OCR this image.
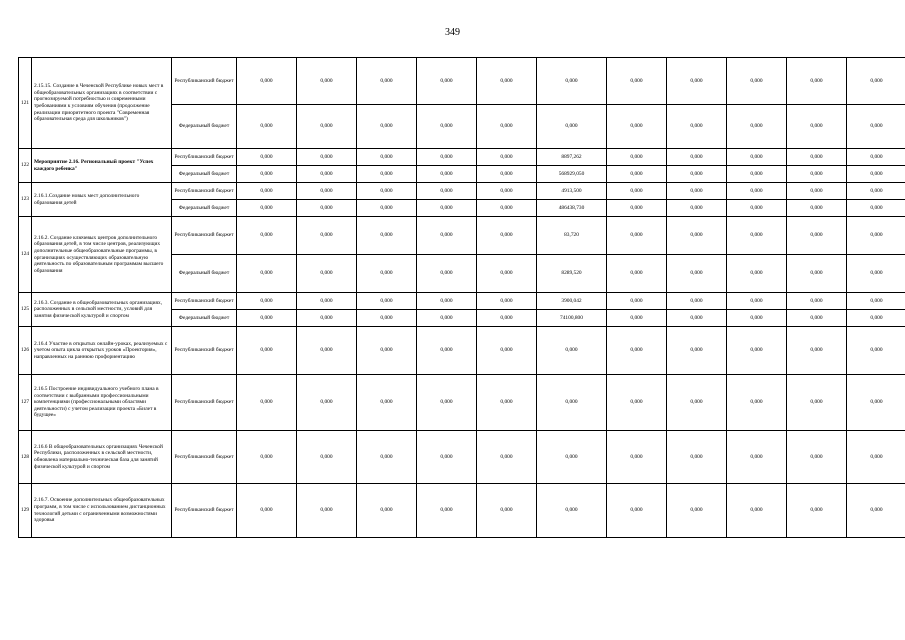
349
121	2.15.15. Создание в Чеченской Республике новых мест в общеобразовательных организациях в соответствии с прогнозируемой потребностью и современными требованиями к условиям обучения (продолжение реализации приоритетного проекта "Современная образовательная среда для школьников")	Республиканский бюджет	0,000	0,000	0,000	0,000	0,000	0,000	0,000	0,000	0,000	0,000	0,000
		Федеральный бюджет	0,000	0,000	0,000	0,000	0,000	0,000	0,000	0,000	0,000	0,000	0,000
122	Мероприятие 2.16. Региональный проект "Успех каждого ребенка"	Республиканский бюджет	0,000	0,000	0,000	0,000	0,000	8897,262	0,000	0,000	0,000	0,000	0,000
		Федеральный бюджет	0,000	0,000	0,000	0,000	0,000	568929,050	0,000	0,000	0,000	0,000	0,000
123	2.16.1.Создание новых мест дополнительного образования детей	Республиканский бюджет	0,000	0,000	0,000	0,000	0,000	4913,500	0,000	0,000	0,000	0,000	0,000
		Федеральный бюджет	0,000	0,000	0,000	0,000	0,000	486438,730	0,000	0,000	0,000	0,000	0,000
124	2.16.2. Создание ключевых центров дополнительного образования детей, в том числе центров, реализующих дополнительные общеобразовательные программы, в организациях осуществляющих образовательную деятельность по образовательным программам высшего образования	Республиканский бюджет	0,000	0,000	0,000	0,000	0,000	83,720	0,000	0,000	0,000	0,000	0,000
		Федеральный бюджет	0,000	0,000	0,000	0,000	0,000	8289,520	0,000	0,000	0,000	0,000	0,000
125	2.16.3. Создание в общеобразовательных организациях, расположенных в сельской местности, условий для занятия физической культурой и спортом	Республиканский бюджет	0,000	0,000	0,000	0,000	0,000	3900,042	0,000	0,000	0,000	0,000	0,000
		Федеральный бюджет	0,000	0,000	0,000	0,000	0,000	74100,800	0,000	0,000	0,000	0,000	0,000
126	2.16.4 Участие в открытых онлайн-уроках, реализуемых с учетом опыта цикла открытых уроков «Проектория», направленных на раннюю профориентацию	Республиканский бюджет	0,000	0,000	0,000	0,000	0,000	0,000	0,000	0,000	0,000	0,000	0,000
127	2.16.5 Построение индивидуального учебного плана в соответствии с выбранными профессиональными компетенциями (профессиональными областями деятельности) с учетом реализации проекта «Билет в будущее»	Республиканский бюджет	0,000	0,000	0,000	0,000	0,000	0,000	0,000	0,000	0,000	0,000	0,000
128	2.16.6 В общеобразовательных организациях Чеченской Республики, расположенных в сельской местности, обновлена материально-техническая база для занятий физической культурой и спортом	Республиканский бюджет	0,000	0,000	0,000	0,000	0,000	0,000	0,000	0,000	0,000	0,000	0,000
129	2.16.7. Освоение дополнительных общеобразовательных программ, в том числе с использованием дистанционных технологий детьми с ограниченными возможностями здоровья	Республиканский бюджет	0,000	0,000	0,000	0,000	0,000	0,000	0,000	0,000	0,000	0,000	0,000
